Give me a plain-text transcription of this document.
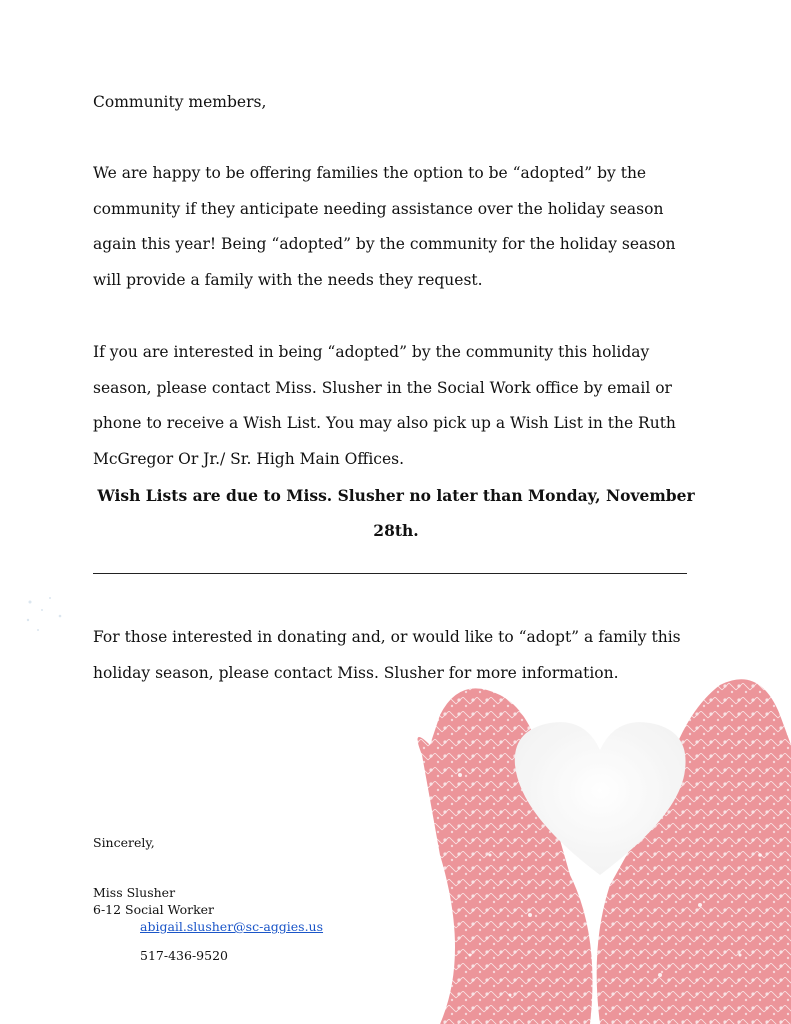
Community members,

We are happy to be offering families the option to be “adopted” by the community if they anticipate needing assistance over the holiday season again this year! Being “adopted” by the community for the holiday season will provide a family with the needs they request.

If you are interested in being “adopted” by the community this holiday season, please contact Miss. Slusher in the Social Work office by email or phone to receive a Wish List. You may also pick up a Wish List in the Ruth McGregor Or Jr./ Sr. High Main Offices.

Wish Lists are due to Miss. Slusher no later than Monday, November 28th.

For those interested in donating and, or would like to “adopt” a family this holiday season, please contact Miss. Slusher for more information.

Sincerely,

Miss Slusher

6-12 Social Worker

abigail.slusher@sc-aggies.us
517-436-9520
